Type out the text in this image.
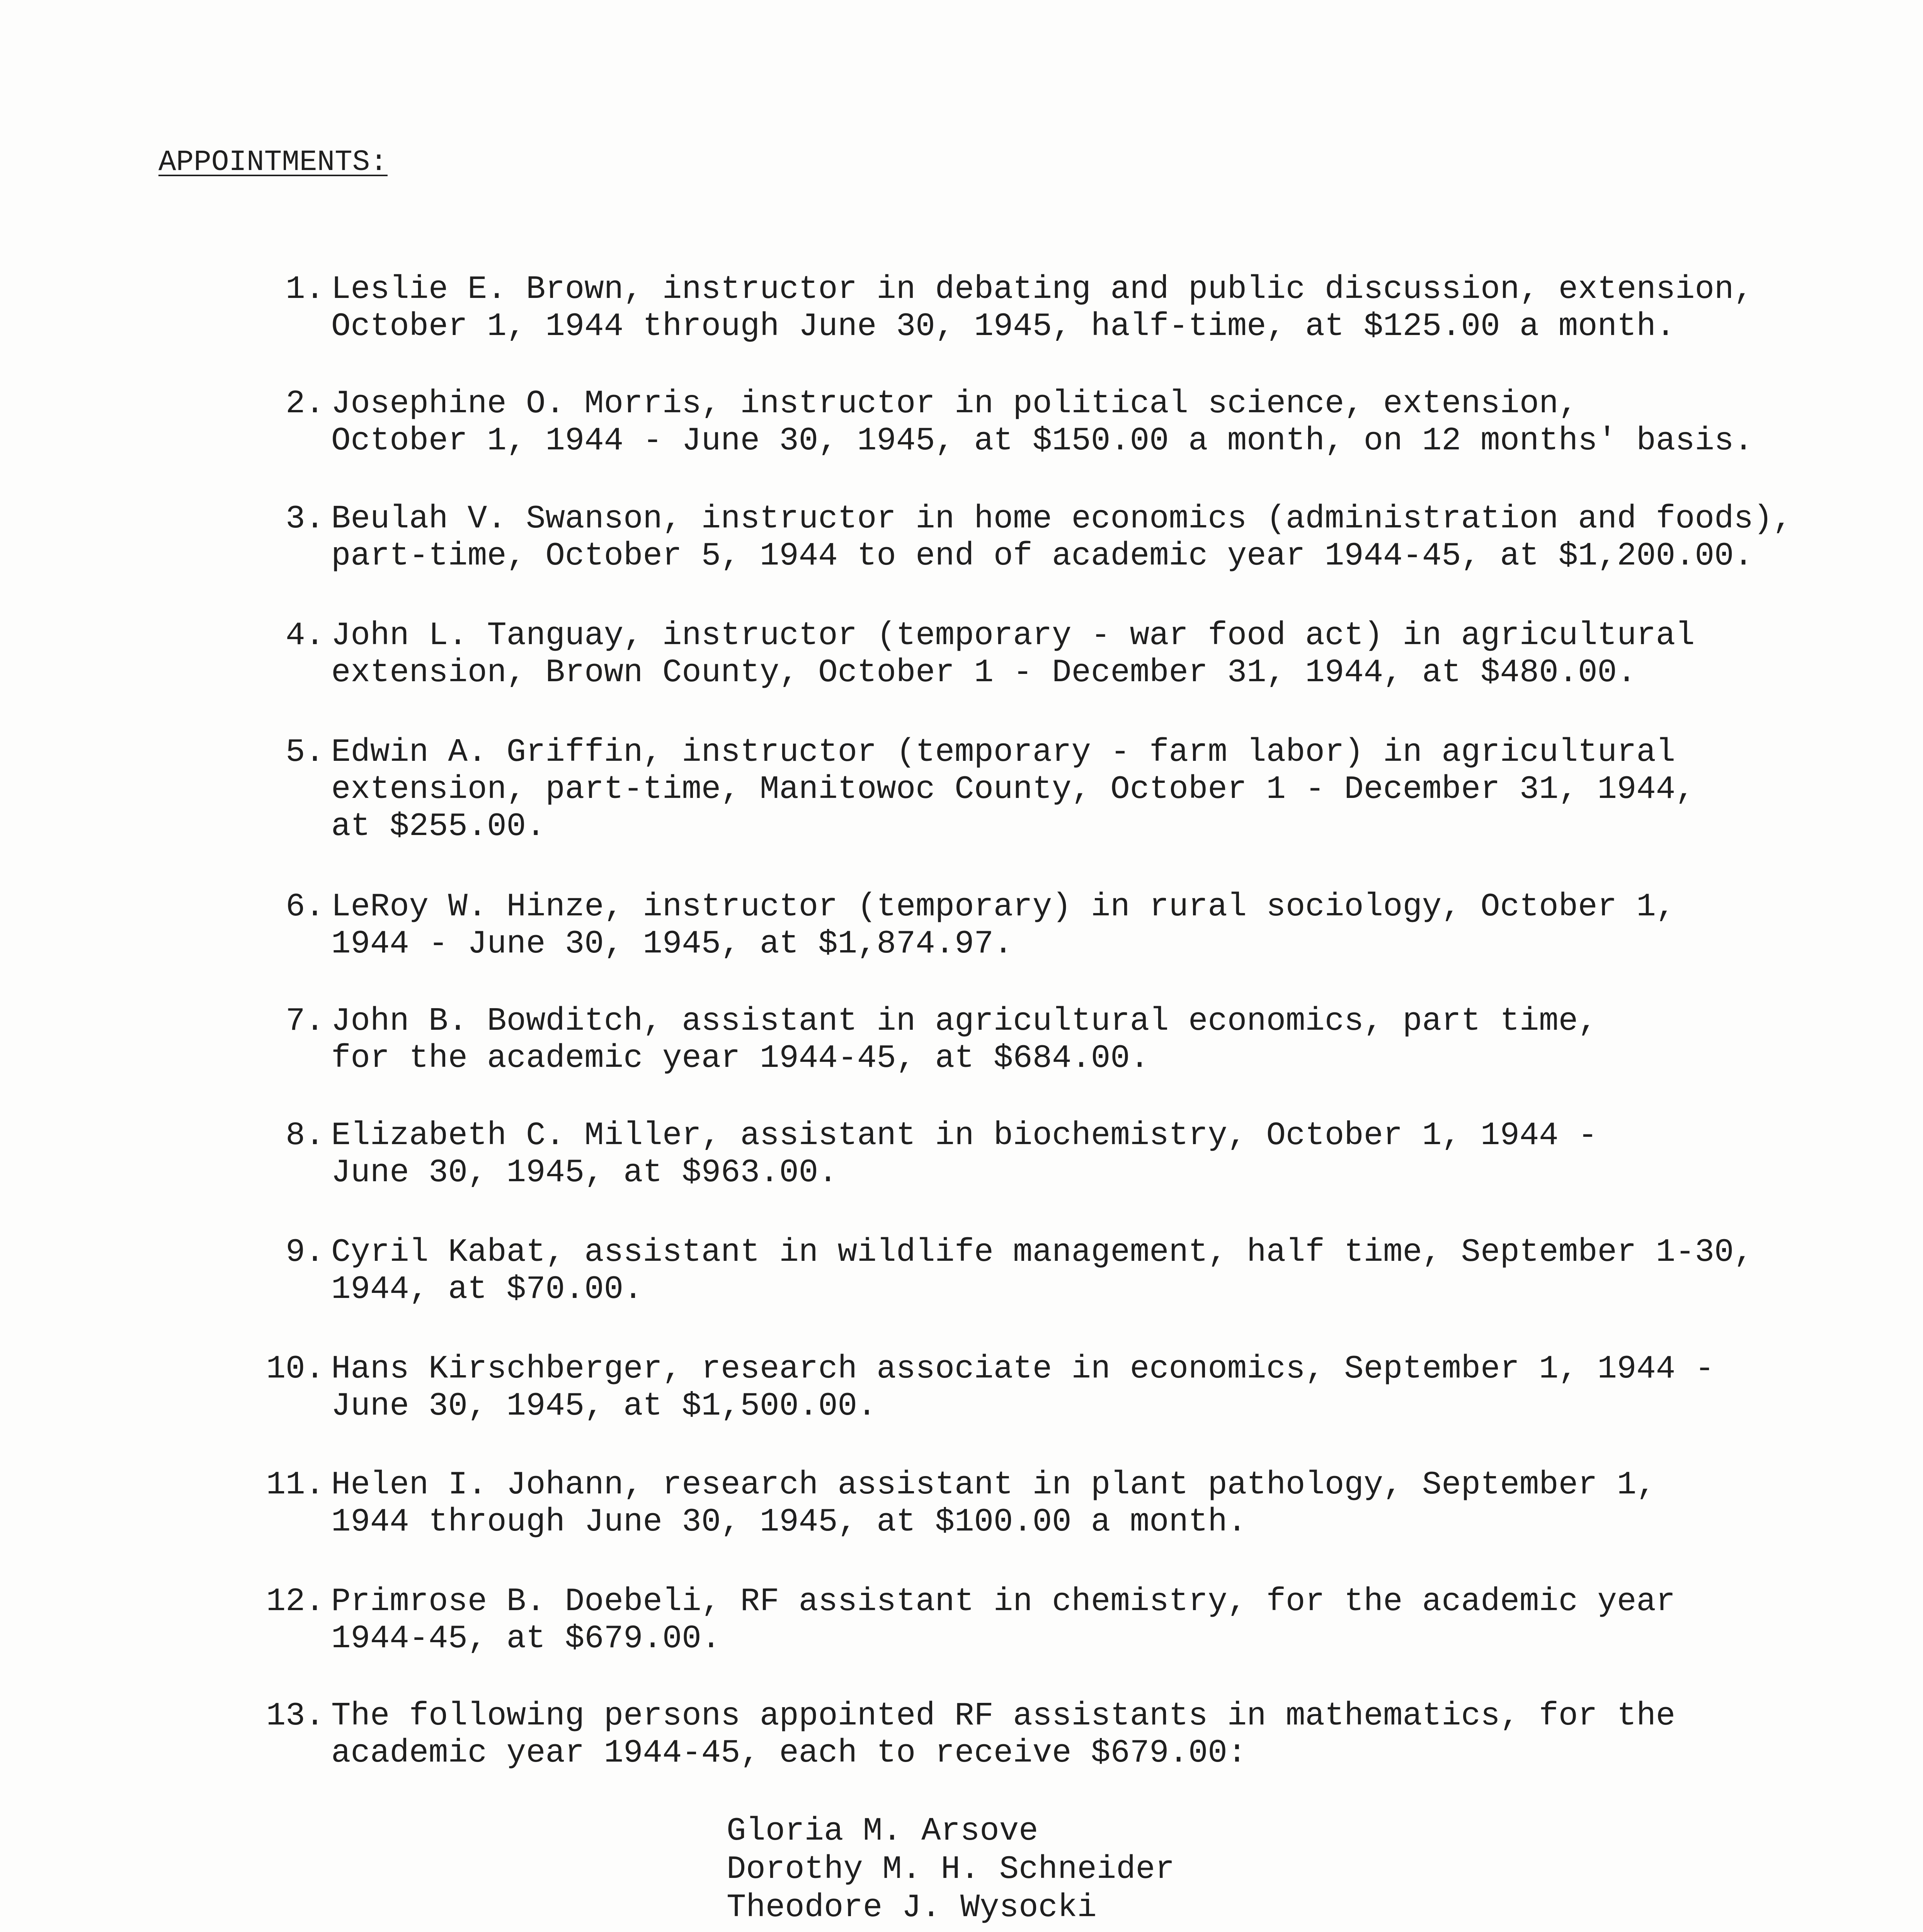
APPOINTMENTS:
1. Leslie E. Brown, instructor in debating and public discussion, extension,
October 1, 1944 through June 30, 1945, half-time, at $125.00 a month.
2. Josephine O. Morris, instructor in political science, extension,
October 1, 1944 - June 30, 1945, at $150.00 a month, on 12 months' basis.
3. Beulah V. Swanson, instructor in home economics (administration and foods),
part-time, October 5, 1944 to end of academic year 1944-45, at $1,200.00.
4. John L. Tanguay, instructor (temporary - war food act) in agricultural
extension, Brown County, October 1 - December 31, 1944, at $480.00.
5. Edwin A. Griffin, instructor (temporary - farm labor) in agricultural
extension, part-time, Manitowoc County, October 1 - December 31, 1944,
at $255.00.
6. LeRoy W. Hinze, instructor (temporary) in rural sociology, October 1,
1944 - June 30, 1945, at $1,874.97.
7. John B. Bowditch, assistant in agricultural economics, part time,
for the academic year 1944-45, at $684.00.
8. Elizabeth C. Miller, assistant in biochemistry, October 1, 1944 -
June 30, 1945, at $963.00.
9. Cyril Kabat, assistant in wildlife management, half time, September 1-30,
1944, at $70.00.
10. Hans Kirschberger, research associate in economics, September 1, 1944 -
June 30, 1945, at $1,500.00.
11. Helen I. Johann, research assistant in plant pathology, September 1,
1944 through June 30, 1945, at $100.00 a month.
12. Primrose B. Doebeli, RF assistant in chemistry, for the academic year
1944-45, at $679.00.
13. The following persons appointed RF assistants in mathematics, for the
academic year 1944-45, each to receive $679.00:
Gloria M. Arsove
Dorothy M. H. Schneider
Theodore J. Wysocki
